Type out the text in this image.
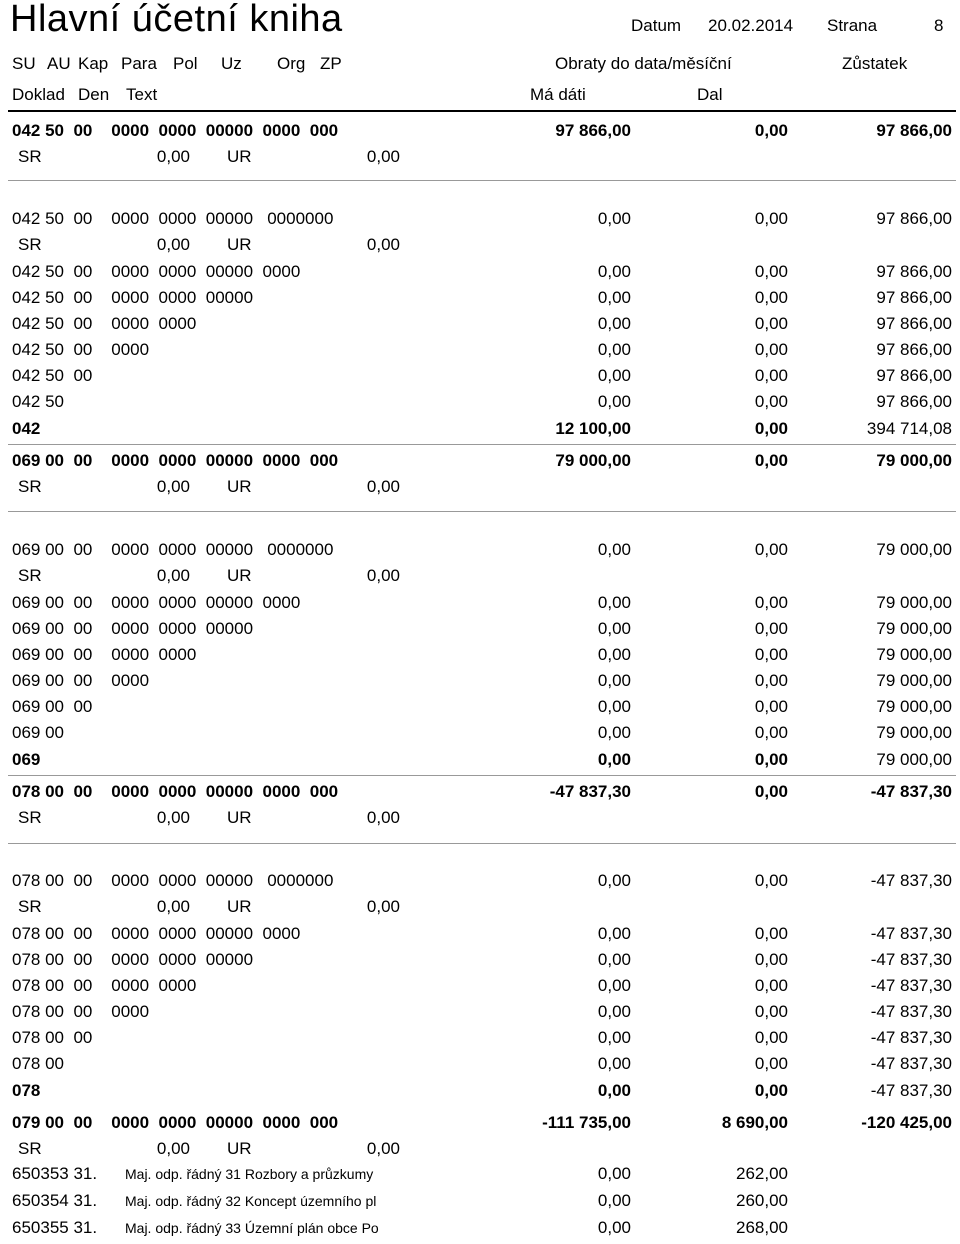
Hlavní účetní kniha	Datum 20.02.2014 Strana	8
SU AU Kap Para Pol Uz Org ZP	Obraty do data/měsíční	Zůstatek
Doklad Den Text	Má dáti	Dal
042 50  00    0000  0000  00000  0000  000	97 866,00	0,00	97 866,00
SR	0,00 UR	0,00
042 50  00    0000  0000  00000   0000000	0,00	0,00	97 866,00
SR	0,00 UR	0,00
042 50  00    0000  0000  00000  0000	0,00	0,00	97 866,00
042 50  00    0000  0000  00000	0,00	0,00	97 866,00
042 50  00    0000  0000	0,00	0,00	97 866,00
042 50  00    0000	0,00	0,00	97 866,00
042 50  00	0,00	0,00	97 866,00
042 50	0,00	0,00	97 866,00
042	12 100,00	0,00	394 714,08
069 00  00    0000  0000  00000  0000  000	79 000,00	0,00	79 000,00
SR	0,00 UR	0,00
069 00  00    0000  0000  00000   0000000	0,00	0,00	79 000,00
SR	0,00 UR	0,00
069 00  00    0000  0000  00000  0000	0,00	0,00	79 000,00
069 00  00    0000  0000  00000	0,00	0,00	79 000,00
069 00  00    0000  0000	0,00	0,00	79 000,00
069 00  00    0000	0,00	0,00	79 000,00
069 00  00	0,00	0,00	79 000,00
069 00	0,00	0,00	79 000,00
069	0,00	0,00	79 000,00
078 00  00    0000  0000  00000  0000  000	-47 837,30	0,00	-47 837,30
SR	0,00 UR	0,00
078 00  00    0000  0000  00000   0000000	0,00	0,00	-47 837,30
SR	0,00 UR	0,00
078 00  00    0000  0000  00000  0000	0,00	0,00	-47 837,30
078 00  00    0000  0000  00000	0,00	0,00	-47 837,30
078 00  00    0000  0000	0,00	0,00	-47 837,30
078 00  00    0000	0,00	0,00	-47 837,30
078 00  00	0,00	0,00	-47 837,30
078 00	0,00	0,00	-47 837,30
078	0,00	0,00	-47 837,30
079 00  00    0000  0000  00000  0000  000	-111 735,00	8 690,00	-120 425,00
SR	0,00 UR	0,00
650353 31. Maj. odp. řádný 31 Rozbory a průzkumy	0,00	262,00
650354 31. Maj. odp. řádný 32 Koncept územního pl	0,00	260,00
650355 31. Maj. odp. řádný 33 Územní plán obce Po	0,00	268,00
